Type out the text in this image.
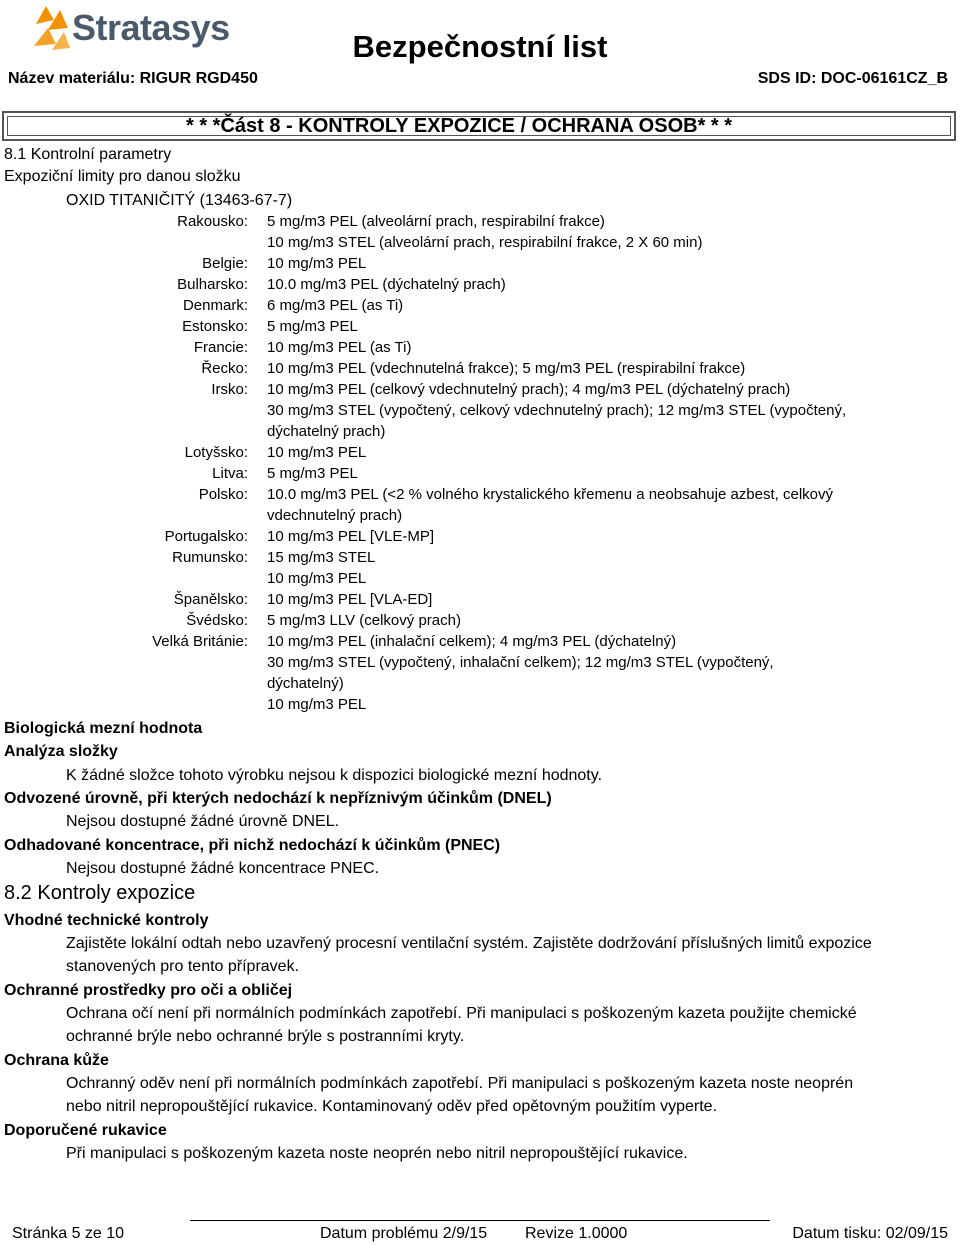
Stratasys	Bezpečnostní list
Název materiálu: RIGUR RGD450	SDS ID: DOC-06161CZ_B
* * *Část 8 - KONTROLY EXPOZICE / OCHRANA OSOB* * *
8.1 Kontrolní parametry
Expoziční limity pro danou složku
OXID TITANIČITÝ (13463-67-7)
Rakousko: 5 mg/m3 PEL (alveolární prach, respirabilní frakce)
10 mg/m3 STEL (alveolární prach, respirabilní frakce, 2 X 60 min)
Belgie: 10 mg/m3 PEL
Bulharsko: 10.0 mg/m3 PEL (dýchatelný prach)
Denmark: 6 mg/m3 PEL (as Ti)
Estonsko: 5 mg/m3 PEL
Francie: 10 mg/m3 PEL (as Ti)
Řecko: 10 mg/m3 PEL (vdechnutelná frakce); 5 mg/m3 PEL (respirabilní frakce)
Irsko: 10 mg/m3 PEL (celkový vdechnutelný prach); 4 mg/m3 PEL (dýchatelný prach)
30 mg/m3 STEL (vypočtený, celkový vdechnutelný prach); 12 mg/m3 STEL (vypočtený,
dýchatelný prach)
Lotyšsko: 10 mg/m3 PEL
Litva: 5 mg/m3 PEL
Polsko: 10.0 mg/m3 PEL (<2 % volného krystalického křemenu a neobsahuje azbest, celkový
vdechnutelný prach)
Portugalsko: 10 mg/m3 PEL [VLE-MP]
Rumunsko: 15 mg/m3 STEL
10 mg/m3 PEL
Španělsko: 10 mg/m3 PEL [VLA-ED]
Švédsko: 5 mg/m3 LLV (celkový prach)
Velká Británie: 10 mg/m3 PEL (inhalační celkem); 4 mg/m3 PEL (dýchatelný)
30 mg/m3 STEL (vypočtený, inhalační celkem); 12 mg/m3 STEL (vypočtený,
dýchatelný)
10 mg/m3 PEL
Biologická mezní hodnota
Analýza složky
K žádné složce tohoto výrobku nejsou k dispozici biologické mezní hodnoty.
Odvozené úrovně, při kterých nedochází k nepříznivým účinkům (DNEL)
Nejsou dostupné žádné úrovně DNEL.
Odhadované koncentrace, při nichž nedochází k účinkům (PNEC)
Nejsou dostupné žádné koncentrace PNEC.
8.2 Kontroly expozice
Vhodné technické kontroly
Zajistěte lokální odtah nebo uzavřený procesní ventilační systém. Zajistěte dodržování příslušných limitů expozice
stanovených pro tento přípravek.
Ochranné prostředky pro oči a obličej
Ochrana očí není při normálních podmínkách zapotřebí. Při manipulaci s poškozeným kazeta použijte chemické
ochranné brýle nebo ochranné brýle s postranními kryty.
Ochrana kůže
Ochranný oděv není při normálních podmínkách zapotřebí. Při manipulaci s poškozeným kazeta noste neoprén
nebo nitril nepropouštějící rukavice. Kontaminovaný oděv před opětovným použitím vyperte.
Doporučené rukavice
Při manipulaci s poškozeným kazeta noste neoprén nebo nitril nepropouštějící rukavice.
Stránka 5 ze 10	Datum problému 2/9/15 Revize 1.0000	Datum tisku: 02/09/15
